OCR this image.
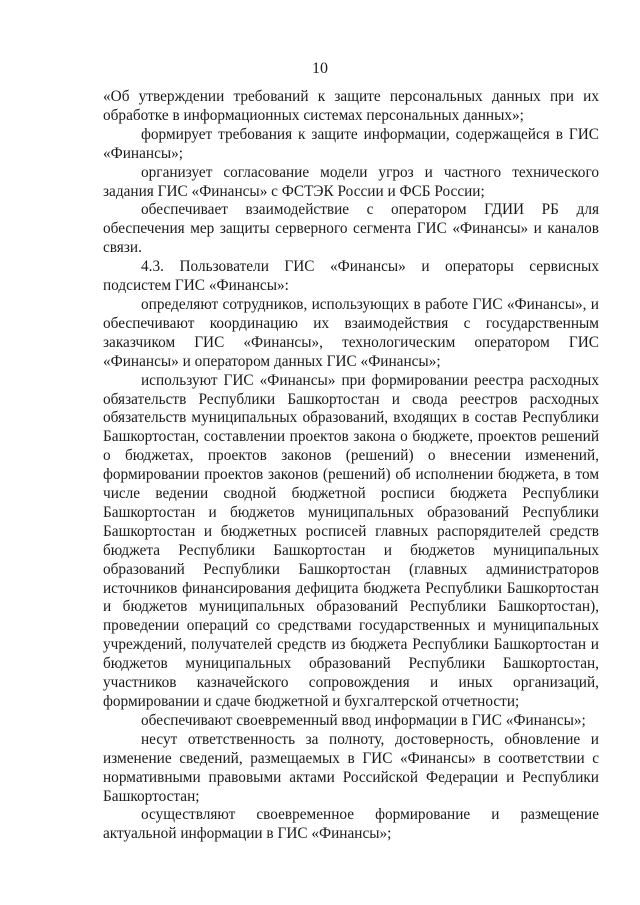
10

«Об утверждении требований к защите персональных данных при их обработке в информационных системах персональных данных»;

формирует требования к защите информации, содержащейся в ГИС «Финансы»;

организует согласование модели угроз и частного технического задания ГИС «Финансы» с ФСТЭК России и ФСБ России;

обеспечивает взаимодействие с оператором ГДИИ РБ для обеспечения мер защиты серверного сегмента ГИС «Финансы» и каналов связи.

4.3. Пользователи ГИС «Финансы» и операторы сервисных подсистем ГИС «Финансы»:

определяют сотрудников, использующих в работе ГИС «Финансы», и обеспечивают координацию их взаимодействия с государственным заказчиком ГИС «Финансы», технологическим оператором ГИС «Финансы» и оператором данных ГИС «Финансы»;

используют ГИС «Финансы» при формировании реестра расходных обязательств Республики Башкортостан и свода реестров расходных обязательств муниципальных образований, входящих в состав Республики Башкортостан, составлении проектов закона о бюджете, проектов решений о бюджетах, проектов законов (решений) о внесении изменений, формировании проектов законов (решений) об исполнении бюджета, в том числе ведении сводной бюджетной росписи бюджета Республики Башкортостан и бюджетов муниципальных образований Республики Башкортостан и бюджетных росписей главных распорядителей средств бюджета Республики Башкортостан и бюджетов муниципальных образований Республики Башкортостан (главных администраторов источников финансирования дефицита бюджета Республики Башкортостан и бюджетов муниципальных образований Республики Башкортостан), проведении операций со средствами государственных и муниципальных учреждений, получателей средств из бюджета Республики Башкортостан и бюджетов муниципальных образований Республики Башкортостан, участников казначейского сопровождения и иных организаций, формировании и сдаче бюджетной и бухгалтерской отчетности;

обеспечивают своевременный ввод информации в ГИС «Финансы»;

несут ответственность за полноту, достоверность, обновление и изменение сведений, размещаемых в ГИС «Финансы» в соответствии с нормативными правовыми актами Российской Федерации и Республики Башкортостан;

осуществляют своевременное формирование и размещение актуальной информации в ГИС «Финансы»;
